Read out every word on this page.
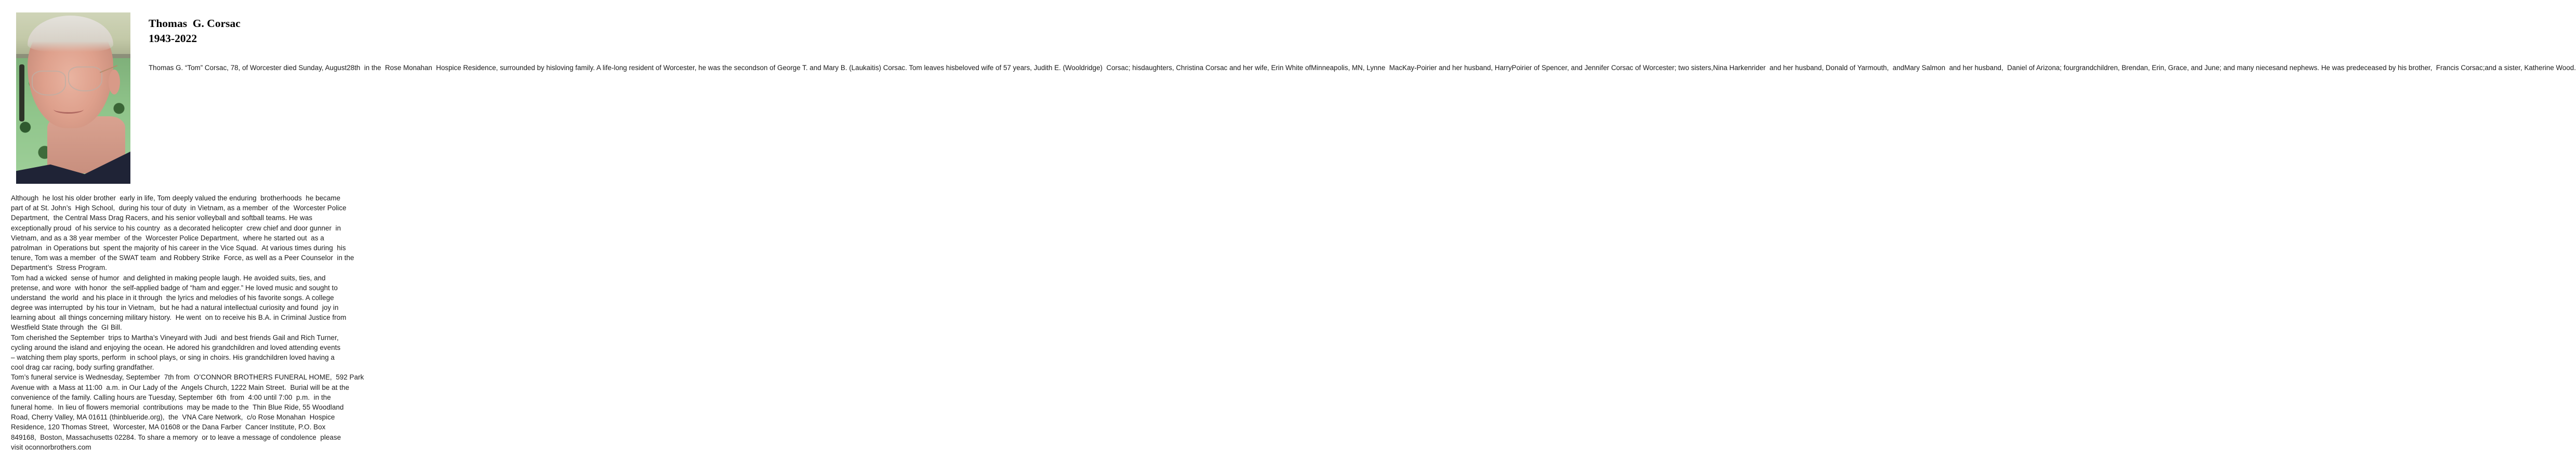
Thomas  G. Corsac
1943-2022
Thomas G. “Tom” Corsac, 78, of Worcester died Sunday, August28th  in the  Rose Monahan  Hospice Residence, surrounded by hisloving family. A life-long resident of Worcester, he was the secondson of George T. and Mary B. (Laukaitis) Corsac. Tom leaves hisbeloved wife of 57 years, Judith E. (Wooldridge)  Corsac; hisdaughters, Christina Corsac and her wife, Erin White ofMinneapolis, MN, Lynne  MacKay-Poirier and her husband, HarryPoirier of Spencer, and Jennifer Corsac of Worcester; two sisters,Nina Harkenrider  and her husband, Donald of Yarmouth,  andMary Salmon  and her husband,  Daniel of Arizona; fourgrandchildren, Brendan, Erin, Grace, and June; and many niecesand nephews. He was predeceased by his brother,  Francis Corsac;and a sister, Katherine Wood.
Although  he lost his older brother  early in life, Tom deeply valued the enduring  brotherhoods  he became
part of at St. John’s  High School,  during his tour of duty  in Vietnam, as a member  of the  Worcester Police
Department,  the Central Mass Drag Racers, and his senior volleyball and softball teams. He was
exceptionally proud  of his service to his country  as a decorated helicopter  crew chief and door gunner  in
Vietnam, and as a 38 year member  of the  Worcester Police Department,  where he started out  as a
patrolman  in Operations but  spent the majority of his career in the Vice Squad.  At various times during  his
tenure, Tom was a member  of the SWAT team  and Robbery Strike  Force, as well as a Peer Counselor  in the
Department’s  Stress Program.
Tom had a wicked  sense of humor  and delighted in making people laugh. He avoided suits, ties, and
pretense, and wore  with honor  the self-applied badge of “ham and egger.” He loved music and sought to
understand  the world  and his place in it through  the lyrics and melodies of his favorite songs. A college
degree was interrupted  by his tour in Vietnam,  but he had a natural intellectual curiosity and found  joy in
learning about  all things concerning military history.  He went  on to receive his B.A. in Criminal Justice from
Westfield State through  the  GI Bill.
Tom cherished the September  trips to Martha’s Vineyard with Judi  and best friends Gail and Rich Turner,
cycling around the island and enjoying the ocean. He adored his grandchildren and loved attending events
– watching them play sports, perform  in school plays, or sing in choirs. His grandchildren loved having a
cool drag car racing, body surfing grandfather.
Tom’s funeral service is Wednesday, September  7th from  O’CONNOR BROTHERS FUNERAL HOME,  592 Park
Avenue with  a Mass at 11:00  a.m. in Our Lady of the  Angels Church, 1222 Main Street.  Burial will be at the
convenience of the family. Calling hours are Tuesday, September  6th  from  4:00 until 7:00  p.m.  in the
funeral home.  In lieu of flowers memorial  contributions  may be made to the  Thin Blue Ride, 55 Woodland
Road, Cherry Valley, MA 01611 (thinblueride.org),  the  VNA Care Network,  c/o Rose Monahan  Hospice
Residence, 120 Thomas Street,  Worcester, MA 01608 or the Dana Farber  Cancer Institute, P.O. Box
849168,  Boston, Massachusetts 02284. To share a memory  or to leave a message of condolence  please
visit oconnorbrothers.com
